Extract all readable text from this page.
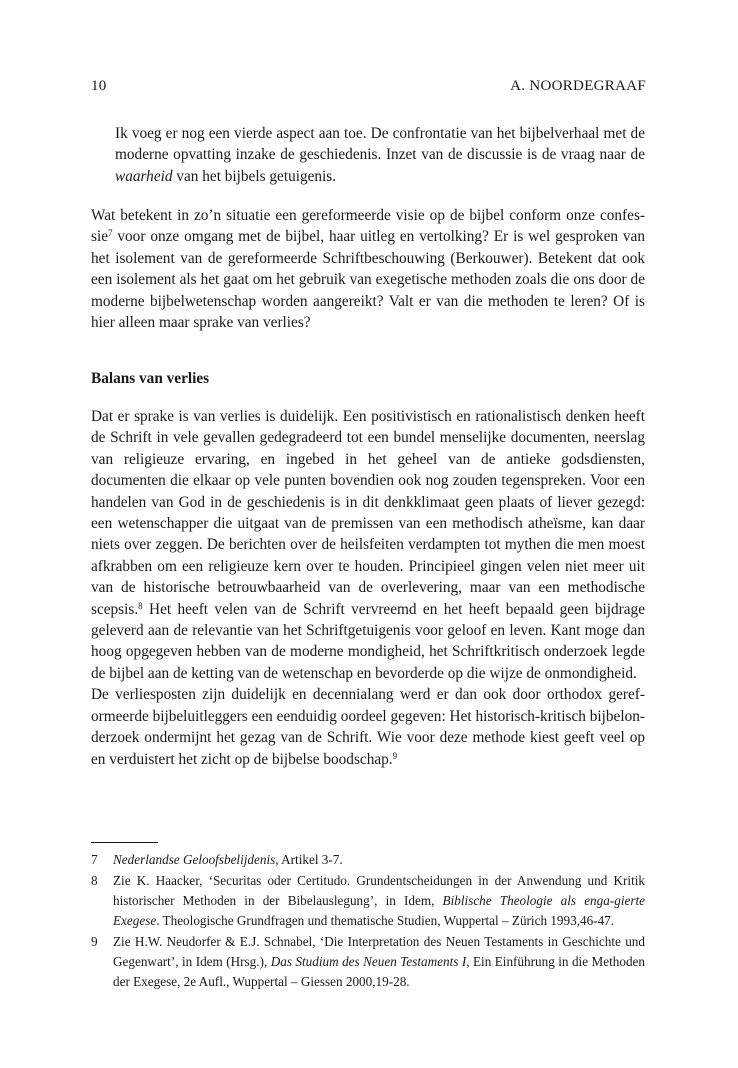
10	A. NOORDEGRAAF

Ik voeg er nog een vierde aspect aan toe. De confrontatie van het bijbelverhaal met de moderne opvatting inzake de geschiedenis. Inzet van de discussie is de vraag naar de waarheid van het bijbels getuigenis.

Wat betekent in zo’n situatie een gereformeerde visie op de bijbel conform onze confes-sie$^7$ voor onze omgang met de bijbel, haar uitleg en vertolking? Er is wel gesproken van het isolement van de gereformeerde Schriftbeschouwing (Berkouwer). Betekent dat ook een isolement als het gaat om het gebruik van exegetische methoden zoals die ons door de moderne bijbelwetenschap worden aangereikt? Valt er van die methoden te leren? Of is hier alleen maar sprake van verlies?

Balans van verlies

Dat er sprake is van verlies is duidelijk. Een positivistisch en rationalistisch denken heeft de Schrift in vele gevallen gedegradeerd tot een bundel menselijke documenten, neerslag van religieuze ervaring, en ingebed in het geheel van de antieke godsdiensten, documenten die elkaar op vele punten bovendien ook nog zouden tegenspreken. Voor een handelen van God in de geschiedenis is in dit denkklimaat geen plaats of liever gezegd: een wetenschapper die uitgaat van de premissen van een methodisch atheïsme, kan daar niets over zeggen. De berichten over de heilsfeiten verdampten tot mythen die men moest afkrabben om een religieuze kern over te houden. Principieel gingen velen niet meer uit van de historische betrouwbaarheid van de overlevering, maar van een methodische scepsis.$^8$ Het heeft velen van de Schrift vervreemd en het heeft bepaald geen bijdrage geleverd aan de relevantie van het Schriftgetuigenis voor geloof en leven. Kant moge dan hoog opgegeven hebben van de moderne mondigheid, het Schriftkritisch onderzoek legde de bijbel aan de ketting van de wetenschap en bevorderde op die wijze de onmondigheid.

De verliesposten zijn duidelijk en decennialang werd er dan ook door orthodox geref-ormeerde bijbeluitleggers een eenduidig oordeel gegeven: Het historisch-kritisch bijbelon-derzoek ondermijnt het gezag van de Schrift. Wie voor deze methode kiest geeft veel op en verduistert het zicht op de bijbelse boodschap.$^9$

7	Nederlandse Geloofsbelijdenis, Artikel 3-7.
8	Zie K. Haacker, ‘Securitas oder Certitudo. Grundentscheidungen in der Anwendung und Kritik historischer Methoden in der Bibelauslegung’, in Idem, Biblische Theologie als enga-gierte Exegese. Theologische Grundfragen und thematische Studien, Wuppertal – Zürich 1993,46-47.
9	Zie H.W. Neudorfer & E.J. Schnabel, ‘Die Interpretation des Neuen Testaments in Geschichte und Gegenwart’, in Idem (Hrsg.), Das Studium des Neuen Testaments I, Ein Einführung in die Methoden der Exegese, 2e Aufl., Wuppertal – Giessen 2000,19-28.
